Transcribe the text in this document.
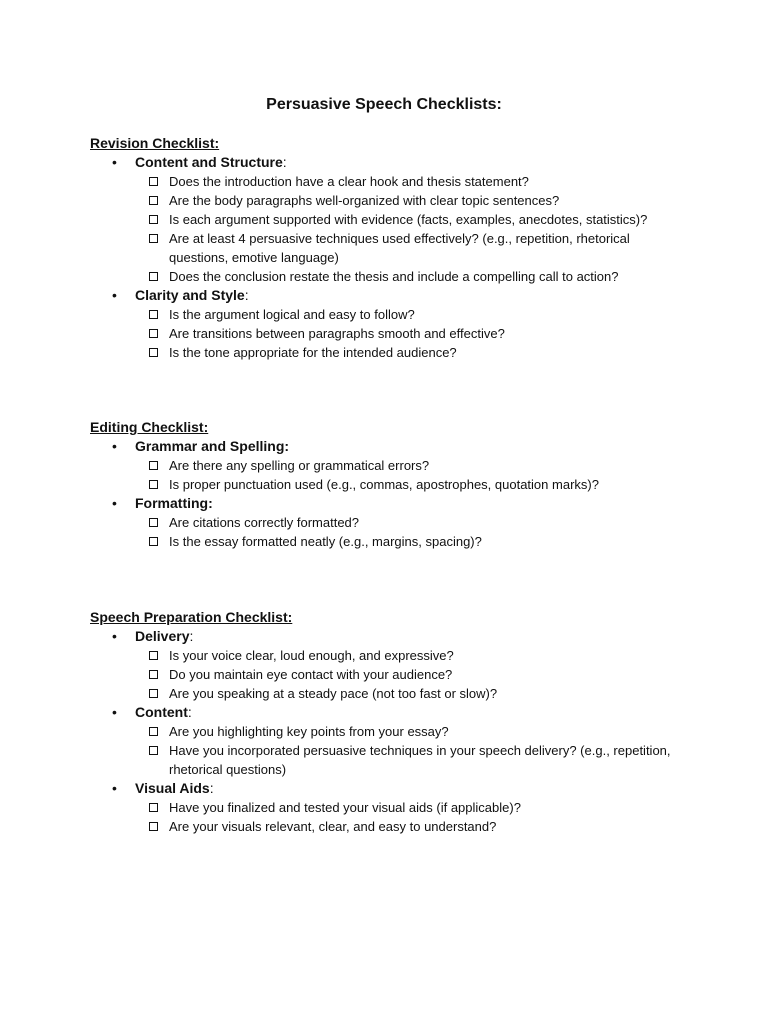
Persuasive Speech Checklists:
Revision Checklist:
• Content and Structure:
Does the introduction have a clear hook and thesis statement?
Are the body paragraphs well-organized with clear topic sentences?
Is each argument supported with evidence (facts, examples, anecdotes, statistics)?
Are at least 4 persuasive techniques used effectively? (e.g., repetition, rhetorical questions, emotive language)
Does the conclusion restate the thesis and include a compelling call to action?
• Clarity and Style:
Is the argument logical and easy to follow?
Are transitions between paragraphs smooth and effective?
Is the tone appropriate for the intended audience?
Editing Checklist:
• Grammar and Spelling:
Are there any spelling or grammatical errors?
Is proper punctuation used (e.g., commas, apostrophes, quotation marks)?
• Formatting:
Are citations correctly formatted?
Is the essay formatted neatly (e.g., margins, spacing)?
Speech Preparation Checklist:
• Delivery:
Is your voice clear, loud enough, and expressive?
Do you maintain eye contact with your audience?
Are you speaking at a steady pace (not too fast or slow)?
• Content:
Are you highlighting key points from your essay?
Have you incorporated persuasive techniques in your speech delivery? (e.g., repetition, rhetorical questions)
• Visual Aids:
Have you finalized and tested your visual aids (if applicable)?
Are your visuals relevant, clear, and easy to understand?
